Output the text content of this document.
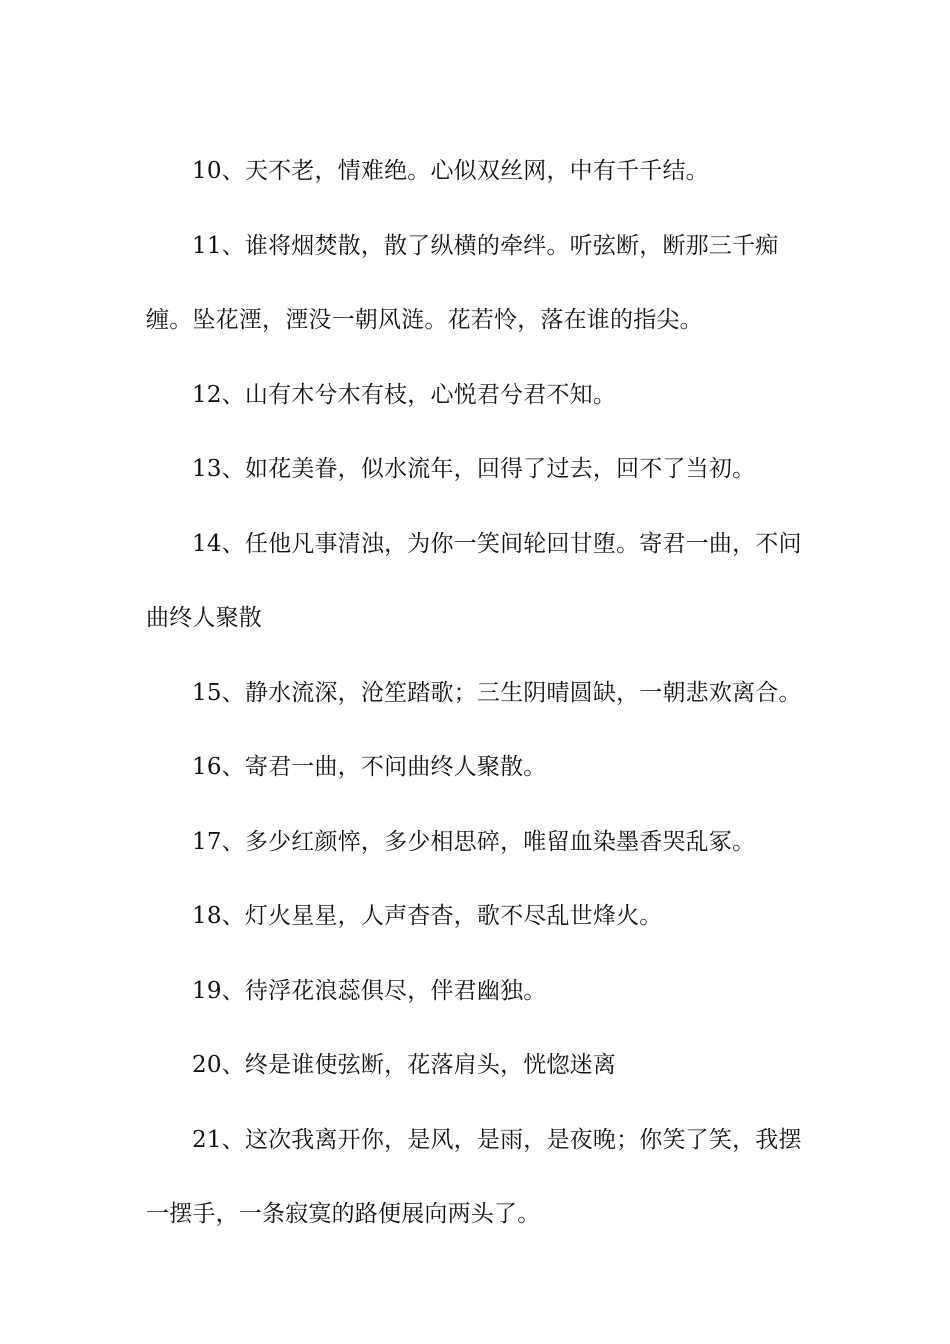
10、天不老，情难绝。心似双丝网，中有千千结。

11、谁将烟焚散，散了纵横的牵绊。听弦断，断那三千痴缠。坠花湮，湮没一朝风涟。花若怜，落在谁的指尖。

12、山有木兮木有枝，心悦君兮君不知。

13、如花美眷，似水流年，回得了过去，回不了当初。

14、任他凡事清浊，为你一笑间轮回甘堕。寄君一曲，不问曲终人聚散

15、静水流深，沧笙踏歌；三生阴晴圆缺，一朝悲欢离合。

16、寄君一曲，不问曲终人聚散。

17、多少红颜悴，多少相思碎，唯留血染墨香哭乱冢。

18、灯火星星，人声杳杳，歌不尽乱世烽火。

19、待浮花浪蕊俱尽，伴君幽独。

20、终是谁使弦断，花落肩头，恍惚迷离

21、这次我离开你，是风，是雨，是夜晚；你笑了笑，我摆一摆手，一条寂寞的路便展向两头了。
